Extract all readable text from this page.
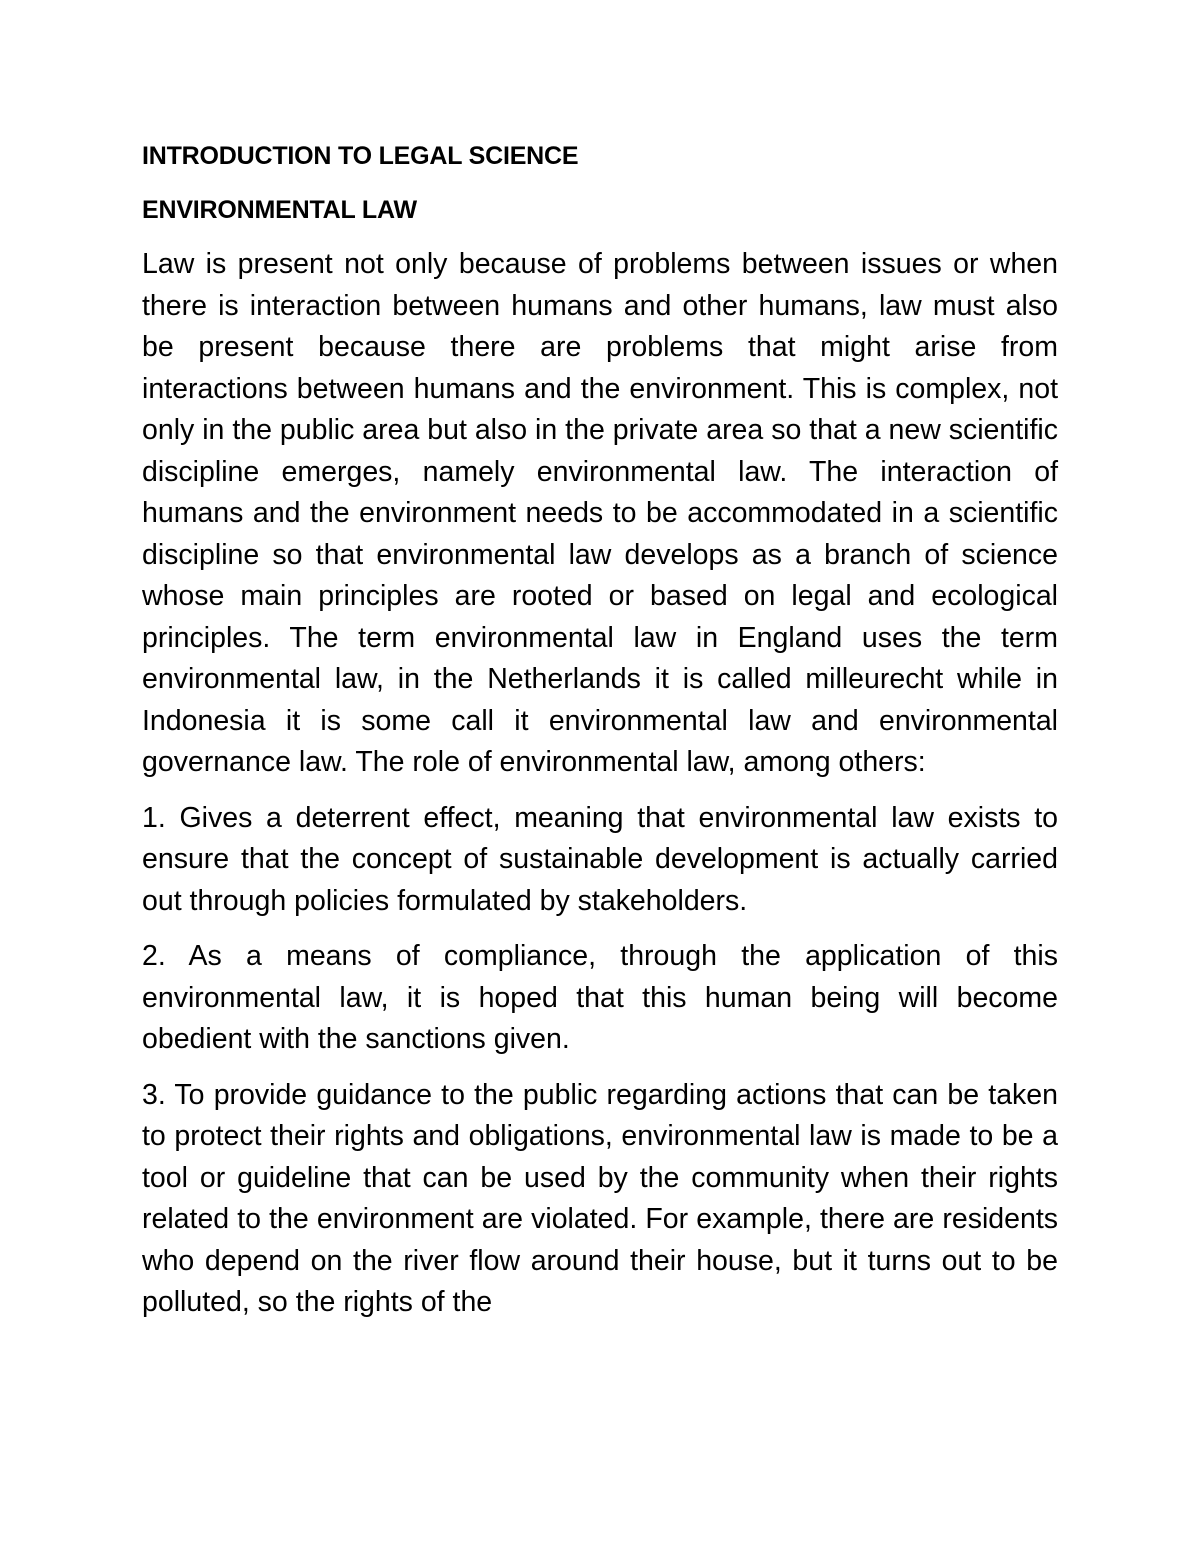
INTRODUCTION TO LEGAL SCIENCE
ENVIRONMENTAL LAW

Law is present not only because of problems between issues or when there is interaction between humans and other humans, law must also be present because there are problems that might arise from interactions between humans and the environment. This is complex, not only in the public area but also in the private area so that a new scientific discipline emerges, namely environmental law. The interaction of humans and the environment needs to be accommodated in a scientific discipline so that environmental law develops as a branch of science whose main principles are rooted or based on legal and ecological principles. The term environmental law in England uses the term environmental law, in the Netherlands it is called milleurecht while in Indonesia it is some call it environmental law and environmental governance law. The role of environmental law, among others:

1. Gives a deterrent effect, meaning that environmental law exists to ensure that the concept of sustainable development is actually carried out through policies formulated by stakeholders.

2. As a means of compliance, through the application of this environmental law, it is hoped that this human being will become obedient with the sanctions given.

3. To provide guidance to the public regarding actions that can be taken to protect their rights and obligations, environmental law is made to be a tool or guideline that can be used by the community when their rights related to the environment are violated. For example, there are residents who depend on the river flow around their house, but it turns out to be polluted, so the rights of the
